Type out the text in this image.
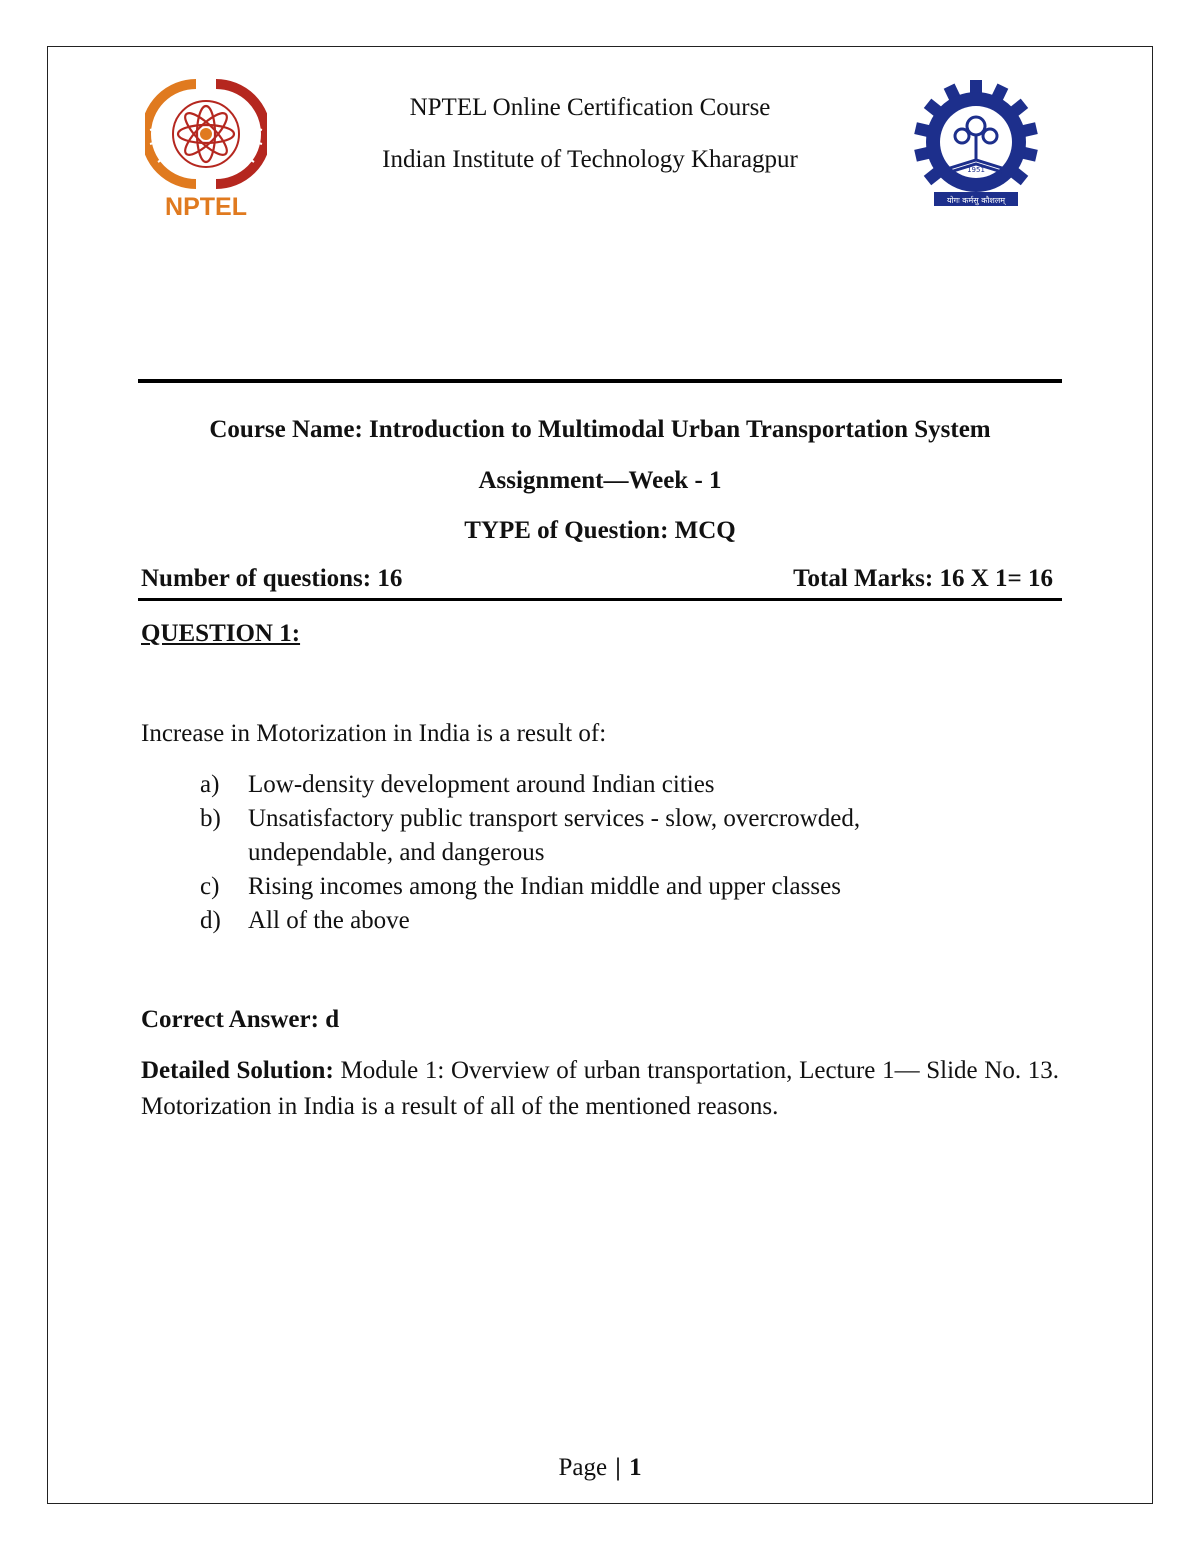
NPTEL
1951
योगः कर्मसु कौशलम्
NPTEL Online Certification Course
Indian Institute of Technology Kharagpur
Course Name: Introduction to Multimodal Urban Transportation System
Assignment—Week - 1
TYPE of Question: MCQ
Number of questions: 16	Total Marks: 16 X 1= 16
QUESTION 1:
Increase in Motorization in India is a result of:
a)	Low-density development around Indian cities
b)	Unsatisfactory public transport services - slow, overcrowded, undependable, and dangerous
c)	Rising incomes among the Indian middle and upper classes
d)	All of the above
Correct Answer: d
Detailed Solution: Module 1: Overview of urban transportation, Lecture 1— Slide No. 13. Motorization in India is a result of all of the mentioned reasons.
Page | 1
